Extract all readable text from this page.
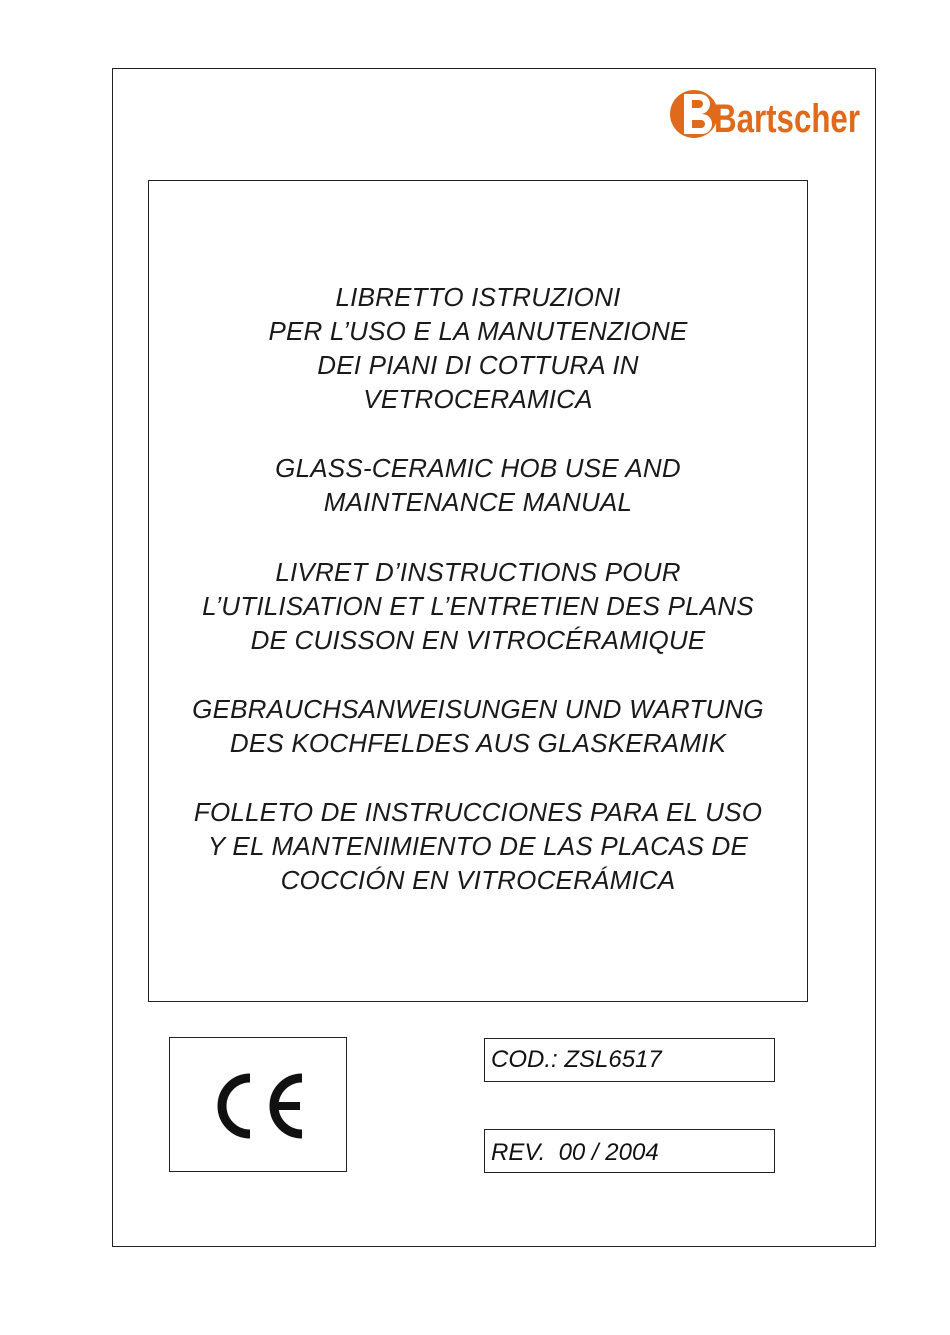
Bartscher
LIBRETTO ISTRUZIONI
PER L’USO E LA MANUTENZIONE
DEI PIANI DI COTTURA IN
VETROCERAMICA
GLASS-CERAMIC HOB USE AND
MAINTENANCE MANUAL
LIVRET D’INSTRUCTIONS POUR
L’UTILISATION ET L’ENTRETIEN DES PLANS
DE CUISSON EN VITROCÉRAMIQUE
GEBRAUCHSANWEISUNGEN UND WARTUNG
DES KOCHFELDES AUS GLASKERAMIK
FOLLETO DE INSTRUCCIONES PARA EL USO
Y EL MANTENIMIENTO DE LAS PLACAS DE
COCCIÓN EN VITROCERÁMICA
COD.: ZSL6517
REV.  00 / 2004
